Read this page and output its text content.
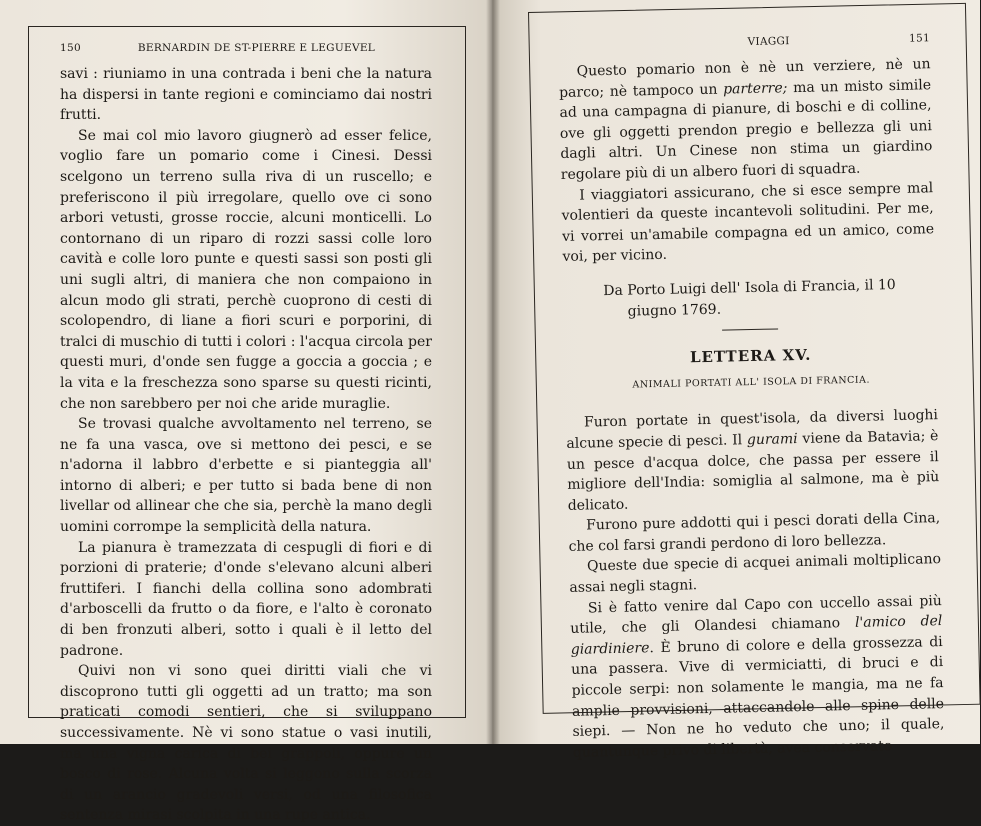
150	BERNARDIN DE ST-PIERRE E LEGUEVEL

savi : riuniamo in una contrada i beni che la natura ha dispersi in tante regioni e cominciamo dai nostri frutti.

Se mai col mio lavoro giugnerò ad esser felice, voglio fare un pomario come i Cinesi. Dessi scelgono un terreno sulla riva di un ruscello; e preferiscono il più irregolare, quello ove ci sono arbori vetusti, grosse roccie, alcuni monticelli. Lo contornano di un riparo di rozzi sassi colle loro cavità e colle loro punte e questi sassi son posti gli uni sugli altri, di maniera che non compaiono in alcun modo gli strati, perchè cuoprono di cesti di scolopendro, di liane a fiori scuri e porporini, di tralci di muschio di tutti i colori : l'acqua circola per questi muri, d'onde sen fugge a goccia a goccia ; e la vita e la freschezza sono sparse su questi ricinti, che non sarebbero per noi che aride muraglie.

Se trovasi qualche avvoltamento nel terreno, se ne fa una vasca, ove si mettono dei pesci, e se n'adorna il labbro d'erbette e si pianteggia all' intorno di alberi; e per tutto si bada bene di non livellar od allinear che che sia, perchè la mano degli uomini corrompe la semplicità della natura.

La pianura è tramezzata di cespugli di fiori e di porzioni di praterie; d'onde s'elevano alcuni alberi fruttiferi. I fianchi della collina sono adombrati d'arboscelli da frutto o da fiore, e l'alto è coronato di ben fronzuti alberi, sotto i quali è il letto del padrone.

Quivi non vi sono quei diritti viali che vi discoprono tutti gli oggetti ad un tratto; ma son praticati comodi sentieri, che si sviluppano successivamente. Nè vi sono statue o vasi inutili, ma una vigna carica di bei grappoli, oppure un bosco di rose. Alcuna volta si leggono sulla scorza di un arancio gradevoli versi, od una filosofica sentenza mirasi scolpita in una rupe antica.

VIAGGI	151

Questo pomario non è nè un verziere, nè un parco; nè tampoco un parterre; ma un misto simile ad una campagna di pianure, di boschi e di colline, ove gli oggetti prendon pregio e bellezza gli uni dagli altri. Un Cinese non stima un giardino regolare più di un albero fuori di squadra.

I viaggiatori assicurano, che si esce sempre mal volentieri da queste incantevoli solitudini. Per me, vi vorrei un'amabile compagna ed un amico, come voi, per vicino.

Da Porto Luigi dell' Isola di Francia, il 10
giugno 1769.

LETTERA XV.

ANIMALI PORTATI ALL' ISOLA DI FRANCIA.

Furon portate in quest'isola, da diversi luoghi alcune specie di pesci. Il gurami viene da Batavia; è un pesce d'acqua dolce, che passa per essere il migliore dell'India: somiglia al salmone, ma è più delicato.

Furono pure addotti qui i pesci dorati della Cina, che col farsi grandi perdono di loro bellezza.

Queste due specie di acquei animali moltiplicano assai negli stagni.

Si è fatto venire dal Capo con uccello assai più utile, che gli Olandesi chiamano l'amico del giardiniere. È bruno di colore e della grossezza di una passera. Vive di vermiciatti, di bruci e di piccole serpi: non solamente le mangia, ma ne fa amplie provvisioni, attaccandole alle spine delle siepi. — Non ne ho veduto che uno; il quale, quantunque privo di libertà, avea conservato
